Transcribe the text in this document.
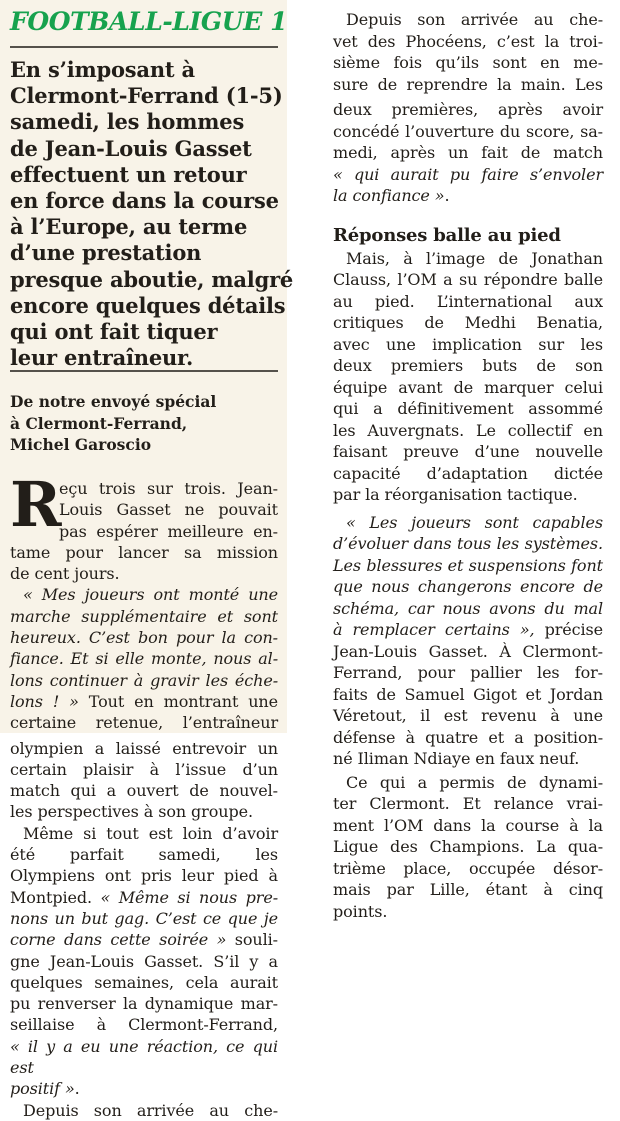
FOOTBALL-LIGUE 1
En s’imposant à
Clermont-Ferrand (1-5)
samedi, les hommes
de Jean-Louis Gasset
effectuent un retour
en force dans la course
à l’Europe, au terme
d’une prestation
presque aboutie, malgré
encore quelques détails
qui ont fait tiquer
leur entraîneur.
De notre envoyé spécial
à Clermont-Ferrand,
Michel Garoscio
R
eçu trois sur trois. Jean-
Louis Gasset ne pouvait
pas espérer meilleure en-
tame pour lancer sa mission
de cent jours.
« Mes joueurs ont monté une
marche supplémentaire et sont
heureux. C’est bon pour la con-
fiance. Et si elle monte, nous al-
lons continuer à gravir les éche-
lons ! » Tout en montrant une
certaine retenue, l’entraîneur
olympien a laissé entrevoir un
certain plaisir à l’issue d’un
match qui a ouvert de nouvel-
les perspectives à son groupe.
Même si tout est loin d’avoir
été parfait samedi, les
Olympiens ont pris leur pied à
Montpied. « Même si nous pre-
nons un but gag. C’est ce que je
corne dans cette soirée » souli-
gne Jean-Louis Gasset. S’il y a
quelques semaines, cela aurait
pu renverser la dynamique mar-
seillaise à Clermont-Ferrand,
« il y a eu une réaction, ce qui est
positif ».
Depuis son arrivée au che-
Depuis son arrivée au che-
vet des Phocéens, c’est la troi-
sième fois qu’ils sont en me-
sure de reprendre la main. Les
deux premières, après avoir
concédé l’ouverture du score, sa-
medi, après un fait de match
« qui aurait pu faire s’envoler
la confiance ».
Réponses balle au pied
Mais, à l’image de Jonathan
Clauss, l’OM a su répondre balle
au pied. L’international aux
critiques de Medhi Benatia,
avec une implication sur les
deux premiers buts de son
équipe avant de marquer celui
qui a définitivement assommé
les Auvergnats. Le collectif en
faisant preuve d’une nouvelle
capacité d’adaptation dictée
par la réorganisation tactique.
« Les joueurs sont capables
d’évoluer dans tous les systèmes.
Les blessures et suspensions font
que nous changerons encore de
schéma, car nous avons du mal
à remplacer certains », précise
Jean-Louis Gasset. À Clermont-
Ferrand, pour pallier les for-
faits de Samuel Gigot et Jordan
Véretout, il est revenu à une
défense à quatre et a position-
né Iliman Ndiaye en faux neuf.
Ce qui a permis de dynami-
ter Clermont. Et relance vrai-
ment l’OM dans la course à la
Ligue des Champions. La qua-
trième place, occupée désor-
mais par Lille, étant à cinq
points.
